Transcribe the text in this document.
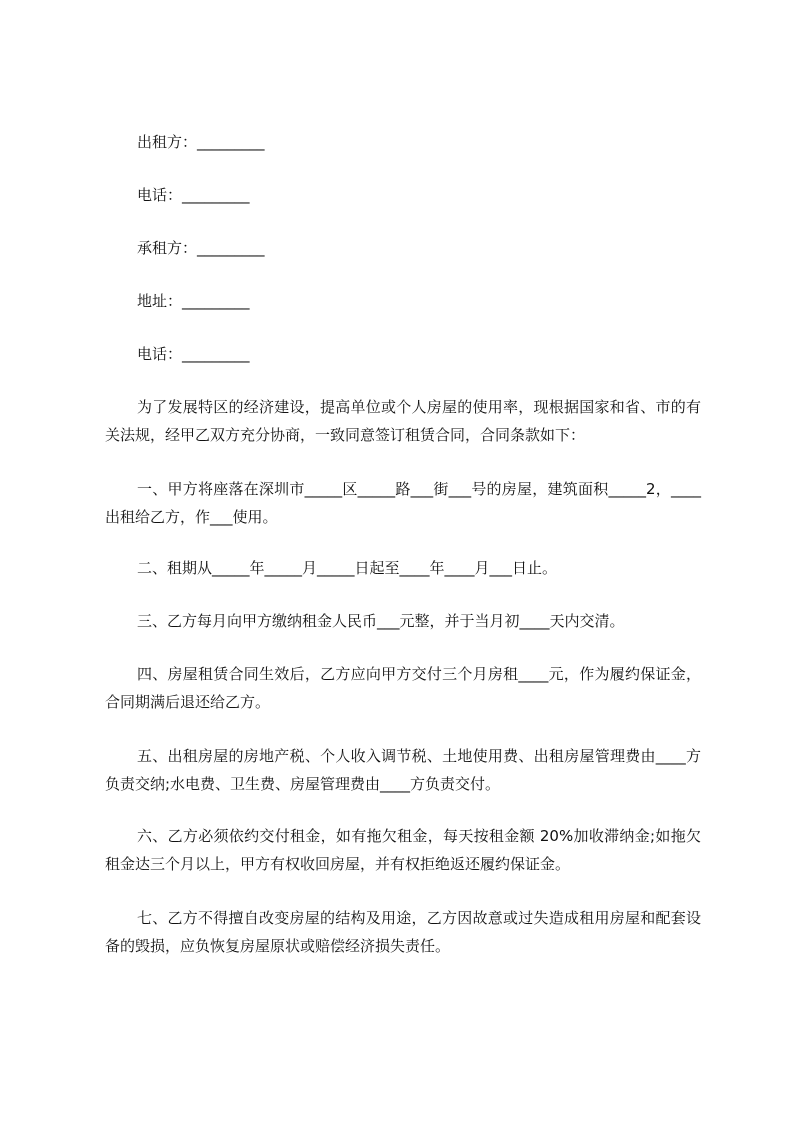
出租方：_________
电话：_________
承租方：_________
地址：_________
电话：_________
为了发展特区的经济建设，提高单位或个人房屋的使用率，现根据国家和省、市的有关法规，经甲乙双方充分协商，一致同意签订租赁合同，合同条款如下：
一、甲方将座落在深圳市_____区_____路___街___号的房屋，建筑面积_____2，____出租给乙方，作___使用。
二、租期从_____年_____月_____日起至____年____月___日止。
三、乙方每月向甲方缴纳租金人民币___元整，并于当月初____天内交清。
四、房屋租赁合同生效后，乙方应向甲方交付三个月房租____元，作为履约保证金，合同期满后退还给乙方。
五、出租房屋的房地产税、个人收入调节税、土地使用费、出租房屋管理费由____方负责交纳;水电费、卫生费、房屋管理费由____方负责交付。
六、乙方必须依约交付租金，如有拖欠租金，每天按租金额 20%加收滞纳金;如拖欠租金达三个月以上，甲方有权收回房屋，并有权拒绝返还履约保证金。
七、乙方不得擅自改变房屋的结构及用途，乙方因故意或过失造成租用房屋和配套设备的毁损，应负恢复房屋原状或赔偿经济损失责任。
